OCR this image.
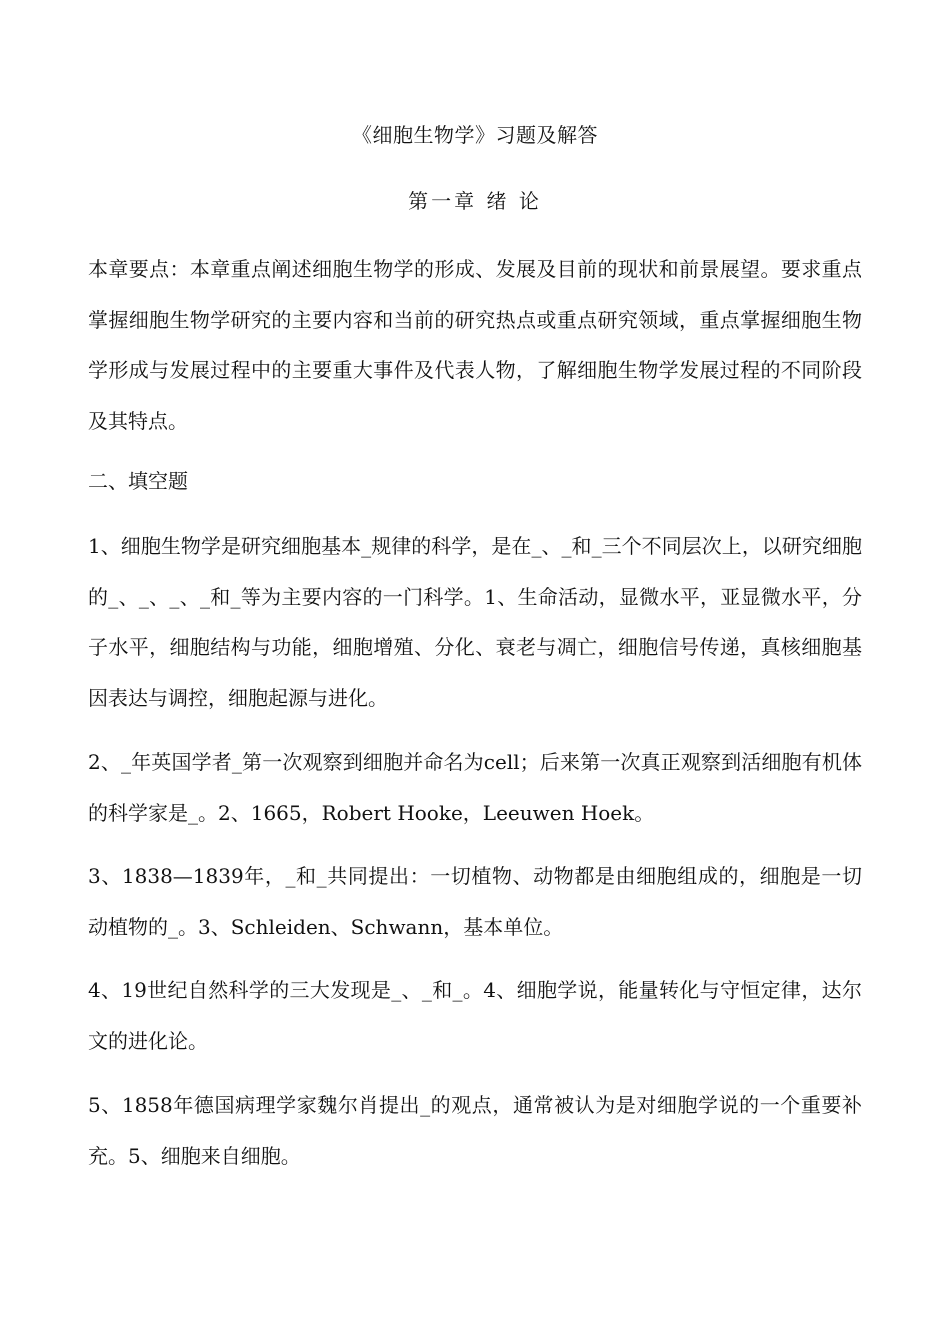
《细胞生物学》习题及解答
第一章 绪 论

本章要点：本章重点阐述细胞生物学的形成、发展及目前的现状和前景展望。要求重点掌握细胞生物学研究的主要内容和当前的研究热点或重点研究领域，重点掌握细胞生物学形成与发展过程中的主要重大事件及代表人物，了解细胞生物学发展过程的不同阶段及其特点。

二、填空题

1、细胞生物学是研究细胞基本_规律的科学，是在_、_和_三个不同层次上，以研究细胞的_、_、_、_和_等为主要内容的一门科学。1、生命活动，显微水平，亚显微水平，分子水平，细胞结构与功能，细胞增殖、分化、衰老与凋亡，细胞信号传递，真核细胞基因表达与调控，细胞起源与进化。

2、_年英国学者_第一次观察到细胞并命名为cell；后来第一次真正观察到活细胞有机体的科学家是_。2、1665，Robert Hooke，Leeuwen Hoek。

3、1838—1839年，_和_共同提出：一切植物、动物都是由细胞组成的，细胞是一切动植物的_。3、Schleiden、Schwann，基本单位。

4、19世纪自然科学的三大发现是_、_和_。4、细胞学说，能量转化与守恒定律，达尔文的进化论。

5、1858年德国病理学家魏尔肖提出_的观点，通常被认为是对细胞学说的一个重要补充。5、细胞来自细胞。
